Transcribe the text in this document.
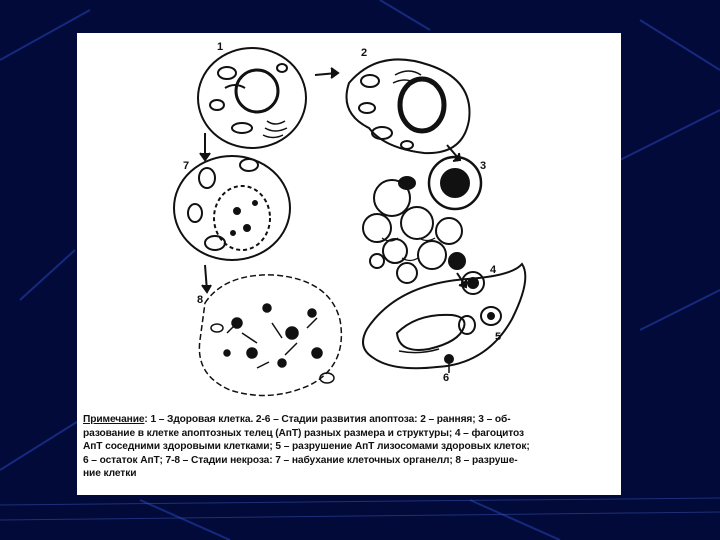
1	2
3
4
5
6
7
8
Примечание: 1 – Здоровая клетка. 2-6 – Стадии развития апоптоза: 2 – ранняя; 3 – об-
разование в клетке апоптозных телец (АпТ) разных размера и структуры; 4 – фагоцитоз
АпТ соседними здоровыми клетками; 5 – разрушение АпТ лизосомами здоровых клеток;
6 – остаток АпТ; 7-8 – Стадии некроза: 7 – набухание клеточных органелл; 8 – разруше-
ние клетки
